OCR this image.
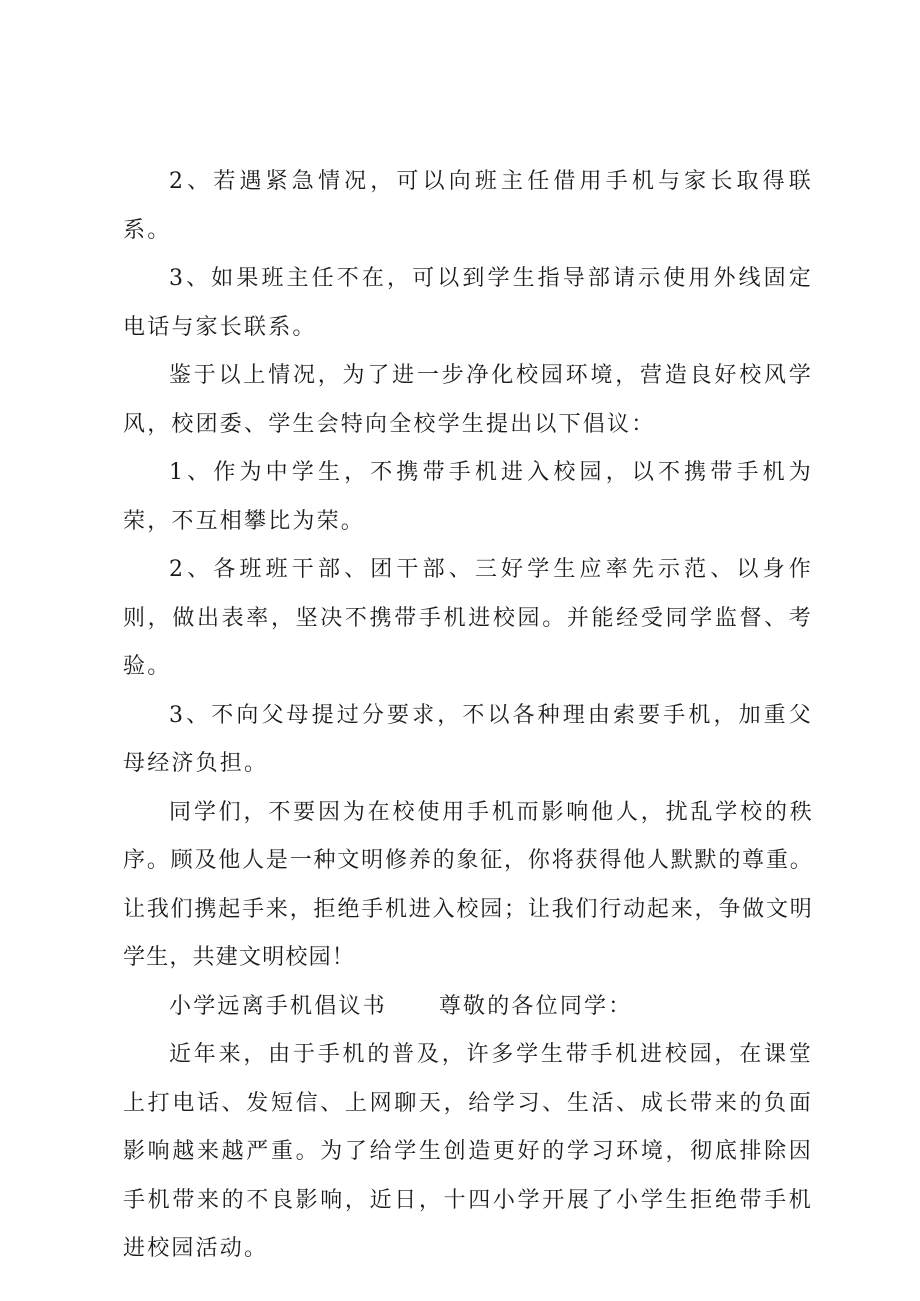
2、若遇紧急情况，可以向班主任借用手机与家长取得联系。

3、如果班主任不在，可以到学生指导部请示使用外线固定电话与家长联系。

鉴于以上情况，为了进一步净化校园环境，营造良好校风学风，校团委、学生会特向全校学生提出以下倡议：

1、作为中学生，不携带手机进入校园，以不携带手机为荣，不互相攀比为荣。

2、各班班干部、团干部、三好学生应率先示范、以身作则，做出表率，坚决不携带手机进校园。并能经受同学监督、考验。

3、不向父母提过分要求，不以各种理由索要手机，加重父母经济负担。

同学们，不要因为在校使用手机而影响他人，扰乱学校的秩序。顾及他人是一种文明修养的象征，你将获得他人默默的尊重。让我们携起手来，拒绝手机进入校园；让我们行动起来，争做文明学生，共建文明校园！

小学远离手机倡议书 尊敬的各位同学：

近年来，由于手机的普及，许多学生带手机进校园，在课堂上打电话、发短信、上网聊天，给学习、生活、成长带来的负面影响越来越严重。为了给学生创造更好的学习环境，彻底排除因手机带来的不良影响，近日，十四小学开展了小学生拒绝带手机进校园活动。
